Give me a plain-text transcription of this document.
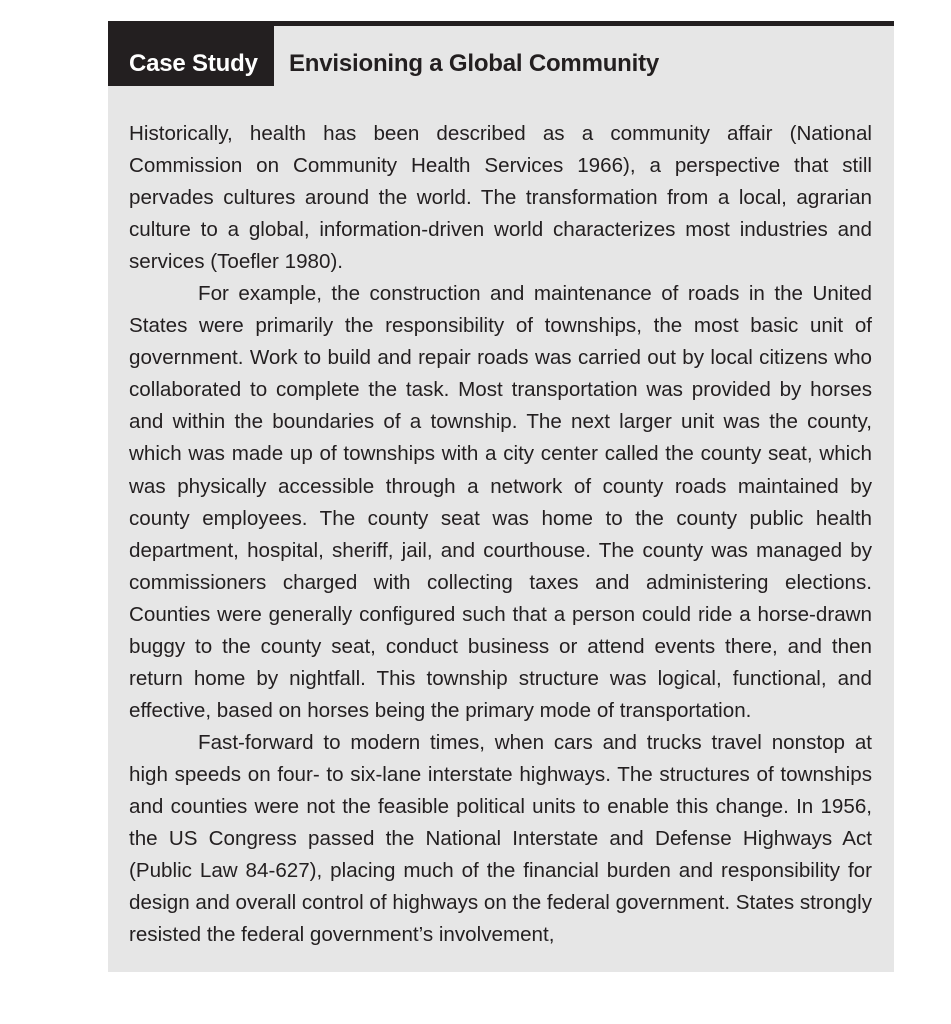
Case Study	Envisioning a Global Community

Historically, health has been described as a community affair (National Commission on Community Health Services 1966), a perspective that still pervades cultures around the world. The transformation from a local, agrarian culture to a global, information-driven world characterizes most industries and services (Toefler 1980).

For example, the construction and maintenance of roads in the United States were primarily the responsibility of townships, the most basic unit of government. Work to build and repair roads was carried out by local citizens who collaborated to complete the task. Most transportation was provided by horses and within the boundaries of a township. The next larger unit was the county, which was made up of townships with a city center called the county seat, which was physically accessible through a network of county roads maintained by county employees. The county seat was home to the county public health department, hospital, sheriff, jail, and courthouse. The county was managed by commissioners charged with collecting taxes and administering elections. Counties were generally configured such that a person could ride a horse-drawn buggy to the county seat, conduct business or attend events there, and then return home by nightfall. This township structure was logical, functional, and effective, based on horses being the primary mode of transportation.

Fast-forward to modern times, when cars and trucks travel nonstop at high speeds on four- to six-lane interstate highways. The structures of townships and counties were not the feasible political units to enable this change. In 1956, the US Congress passed the National Interstate and Defense Highways Act (Public Law 84-627), placing much of the financial burden and responsibility for design and overall control of highways on the federal government. States strongly resisted the federal government’s involvement,
